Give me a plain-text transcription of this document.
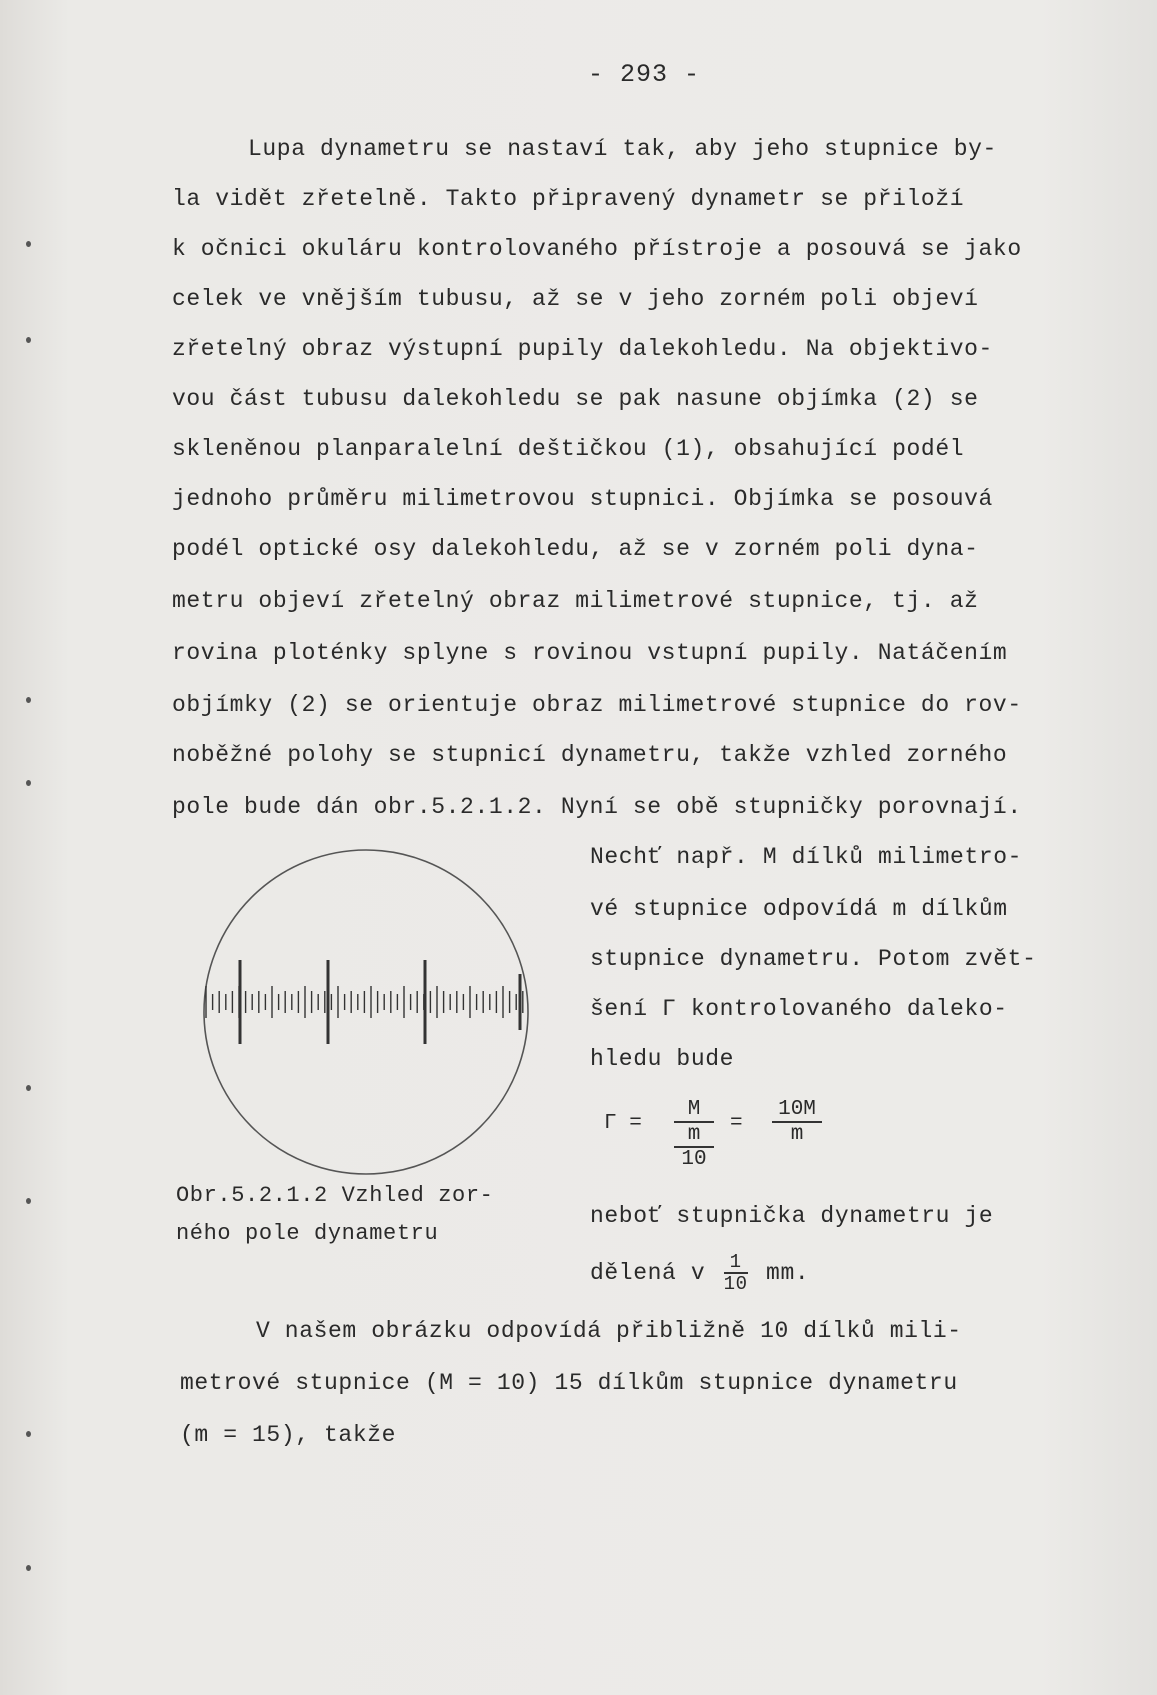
- 293 -
Lupa dynametru se nastaví tak, aby jeho stupnice by-
la vidět zřetelně. Takto připravený dynametr se přiloží
k očnici okuláru kontrolovaného přístroje a posouvá se jako
celek ve vnějším tubusu, až se v jeho zorném poli objeví
zřetelný obraz výstupní pupily dalekohledu. Na objektivo-
vou část tubusu dalekohledu se pak nasune objímka (2) se
skleněnou planparalelní deštičkou (1), obsahující podél
jednoho průměru milimetrovou stupnici. Objímka se posouvá
podél optické osy dalekohledu, až se v zorném poli dyna-
metru objeví zřetelný obraz milimetrové stupnice, tj. až
rovina ploténky splyne s rovinou vstupní pupily. Natáčením
objímky (2) se orientuje obraz milimetrové stupnice do rov-
noběžné polohy se stupnicí dynametru, takže vzhled zorného
pole bude dán obr.5.2.1.2. Nyní se obě stupničky porovnají.
Nechť např. M dílků milimetro-
vé stupnice odpovídá m dílkům
stupnice dynametru. Potom zvět-
šení Γ kontrolovaného daleko-
hledu bude
Obr.5.2.1.2 Vzhled zor-
ného pole dynametru
Γ =
M
m
10
= $\frac{10M}{m}$
neboť stupnička dynametru je
dělená v $\frac{1}{10}$ mm.
V našem obrázku odpovídá přibližně 10 dílků mili-
metrové stupnice (M = 10) 15 dílkům stupnice dynametru
(m = 15), takže
